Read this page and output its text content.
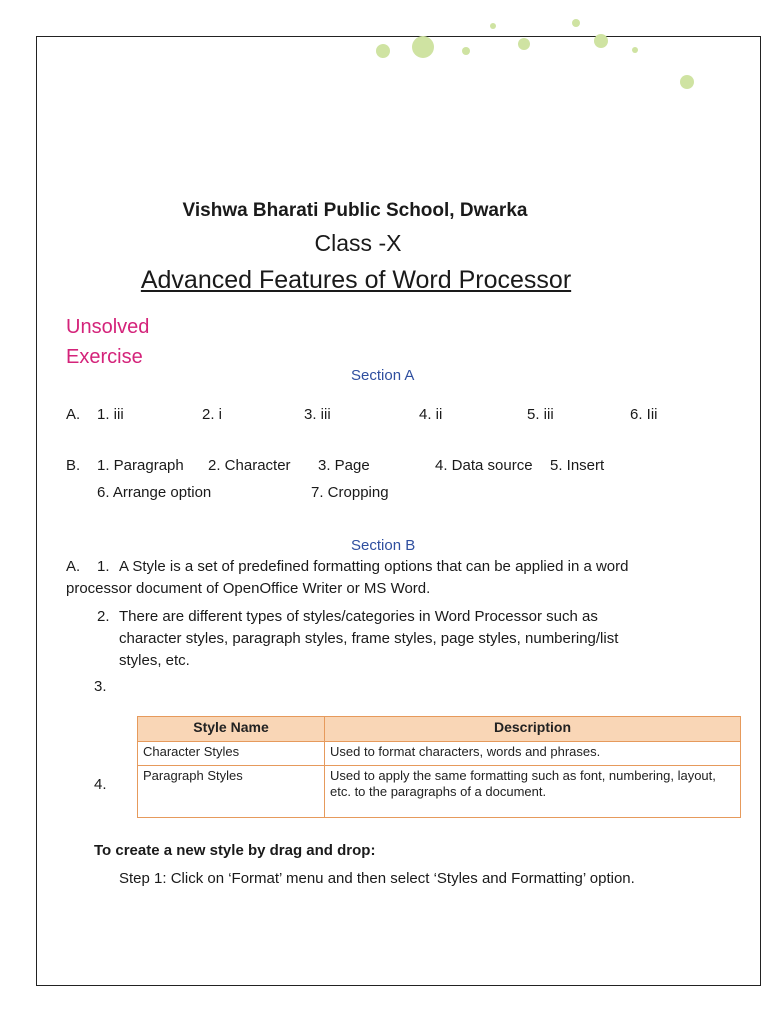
Vishwa Bharati Public School, Dwarka
Class -X
Advanced Features of Word Processor
Unsolved
Exercise
Section A
A. 1. iii	2. i	3. iii	4. ii	5. iii	6. Iii
B. 1. Paragraph 2. Character 3. Page	4. Data source 5. Insert
6. Arrange option	7. Cropping
Section B
A. 1. A Style is a set of predefined formatting options that can be applied in a word
processor document of OpenOffice Writer or MS Word.
2. There are different types of styles/categories in Word Processor such as
character styles, paragraph styles, frame styles, page styles, numbering/list
styles, etc.
3.
4.
Style Name	Description
Character Styles	Used to format characters, words and phrases.
Paragraph Styles	Used to apply the same formatting such as font, numbering, layout, etc. to the paragraphs of a document.
To create a new style by drag and drop:
Step 1: Click on ‘Format’ menu and then select ‘Styles and Formatting’ option.
